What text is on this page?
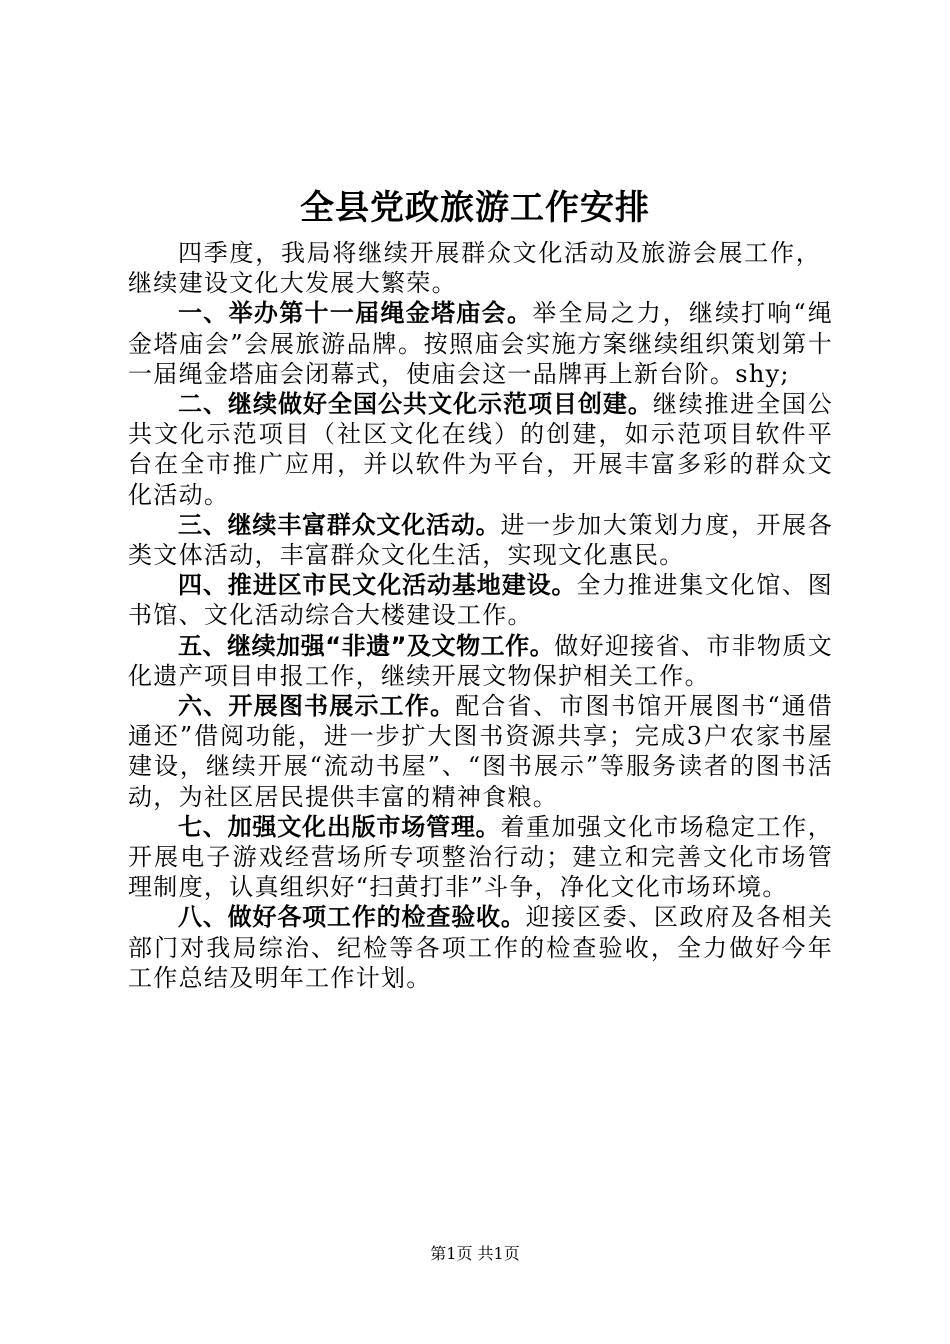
全县党政旅游工作安排

四季度，我局将继续开展群众文化活动及旅游会展工作，继续建设文化大发展大繁荣。

一、举办第十一届绳金塔庙会。举全局之力，继续打响“绳金塔庙会”会展旅游品牌。按照庙会实施方案继续组织策划第十一届绳金塔庙会闭幕式，使庙会这一品牌再上新台阶。shy;

二、继续做好全国公共文化示范项目创建。继续推进全国公共文化示范项目（社区文化在线）的创建，如示范项目软件平台在全市推广应用，并以软件为平台，开展丰富多彩的群众文化活动。

三、继续丰富群众文化活动。进一步加大策划力度，开展各类文体活动，丰富群众文化生活，实现文化惠民。

四、推进区市民文化活动基地建设。全力推进集文化馆、图书馆、文化活动综合大楼建设工作。

五、继续加强“非遗”及文物工作。做好迎接省、市非物质文化遗产项目申报工作，继续开展文物保护相关工作。

六、开展图书展示工作。配合省、市图书馆开展图书“通借通还”借阅功能，进一步扩大图书资源共享；完成3户农家书屋建设，继续开展“流动书屋”、“图书展示”等服务读者的图书活动，为社区居民提供丰富的精神食粮。

七、加强文化出版市场管理。着重加强文化市场稳定工作，开展电子游戏经营场所专项整治行动；建立和完善文化市场管理制度，认真组织好“扫黄打非”斗争，净化文化市场环境。

八、做好各项工作的检查验收。迎接区委、区政府及各相关部门对我局综治、纪检等各项工作的检查验收，全力做好今年工作总结及明年工作计划。

第1页 共1页
